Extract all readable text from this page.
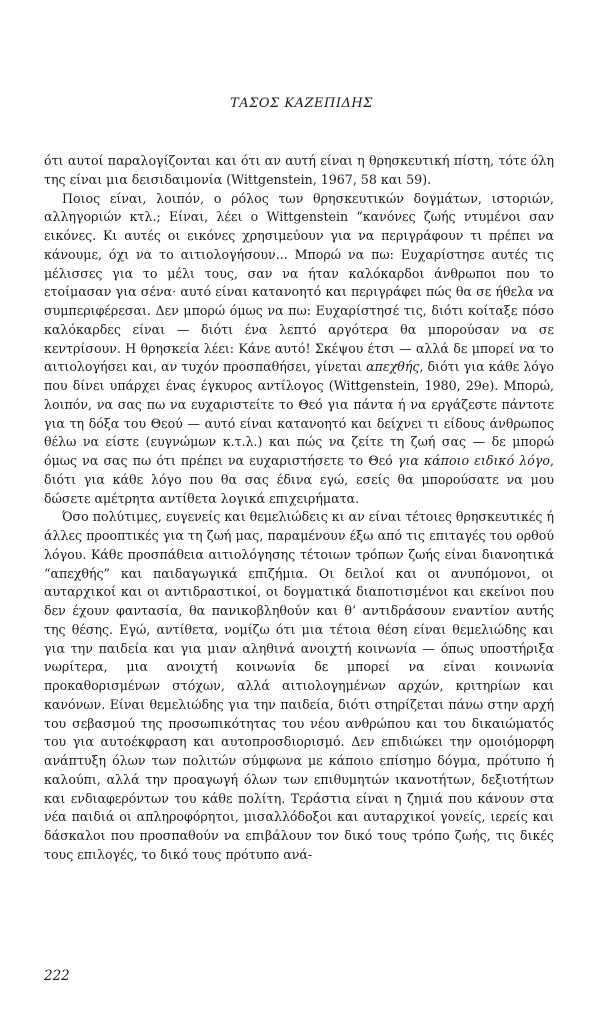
ΤΑΣΟΣ ΚΑΖΕΠΙΔΗΣ

ότι αυτοί παραλογίζονται και ότι αν αυτή είναι η θρησκευτική πίστη, τότε όλη της είναι μια δεισιδαιμονία (Wittgenstein, 1967, 58 και 59).

Ποιος είναι, λοιπόν, ο ρόλος των θρησκευτικών δογμάτων, ιστοριών, αλληγοριών κτλ.; Είναι, λέει ο Wittgenstein “κανόνες ζωής ντυμένοι σαν εικόνες. Κι αυτές οι εικόνες χρησιμεύουν για να περιγράφουν τι πρέπει να κάνουμε, όχι να το αιτιολογήσουν... Μπορώ να πω: Ευχαρίστησε αυτές τις μέλισσες για το μέλι τους, σαν να ήταν καλόκαρδοι άνθρωποι που το ετοίμασαν για σένα· αυτό είναι κατανοητό και περιγράφει πώς θα σε ήθελα να συμπεριφέρεσαι. Δεν μπορώ όμως να πω: Ευχαρίστησέ τις, διότι κοίταξε πόσο καλόκαρδες είναι — διότι ένα λεπτό αργότερα θα μπορούσαν να σε κεντρίσουν. Η θρησκεία λέει: Κάνε αυτό! Σκέψου έτσι — αλλά δε μπορεί να το αιτιολογήσει και, αν τυχόν προσπαθήσει, γίνεται απεχθής, διότι για κάθε λόγο που δίνει υπάρχει ένας έγκυρος αντίλογος (Wittgenstein, 1980, 29e). Μπορώ, λοιπόν, να σας πω να ευχαριστείτε το Θεό για πάντα ή να εργάζεστε πάντοτε για τη δόξα του Θεού — αυτό είναι κατανοητό και δείχνει τι είδους άνθρωπος θέλω να είστε (ευγνώμων κ.τ.λ.) και πώς να ζείτε τη ζωή σας — δε μπορώ όμως να σας πω ότι πρέπει να ευχαριστήσετε το Θεό για κάποιο ειδικό λόγο, διότι για κάθε λόγο που θα σας έδινα εγώ, εσείς θα μπορούσατε να μου δώσετε αμέτρητα αντίθετα λογικά επιχειρήματα.

Όσο πολύτιμες, ευγενείς και θεμελιώδεις κι αν είναι τέτοιες θρησκευτικές ή άλλες προοπτικές για τη ζωή μας, παραμένουν έξω από τις επιταγές του ορθού λόγου. Κάθε προσπάθεια αιτιολόγησης τέτοιων τρόπων ζωής είναι διανοητικά “απεχθής” και παιδαγωγικά επιζήμια. Οι δειλοί και οι ανυπόμονοι, οι αυταρχικοί και οι αντιδραστικοί, οι δογματικά διαποτισμένοι και εκείνοι που δεν έχουν φαντασία, θα πανικοβληθούν και θ’ αντιδράσουν εναντίον αυτής της θέσης. Εγώ, αντίθετα, νομίζω ότι μια τέτοια θέση είναι θεμελιώδης και για την παιδεία και για μιαν αληθινά ανοιχτή κοινωνία — όπως υποστήριξα νωρίτερα, μια ανοιχτή κοινωνία δε μπορεί να είναι κοινωνία προκαθορισμένων στόχων, αλλά αιτιολογημένων αρχών, κριτηρίων και κανόνων. Είναι θεμελιώδης για την παιδεία, διότι στηρίζεται πάνω στην αρχή του σεβασμού της προσωπικότητας του νέου ανθρώπου και του δικαιώματός του για αυτοέκφραση και αυτοπροσδιορισμό. Δεν επιδιώκει την ομοιόμορφη ανάπτυξη όλων των πολιτών σύμφωνα με κάποιο επίσημο δόγμα, πρότυπο ή καλούπι, αλλά την προαγωγή όλων των επιθυμητών ικανοτήτων, δεξιοτήτων και ενδιαφερόντων του κάθε πολίτη. Τεράστια είναι η ζημιά που κάνουν στα νέα παιδιά οι απληροφόρητοι, μισαλλόδοξοι και αυταρχικοί γονείς, ιερείς και δάσκαλοι που προσπαθούν να επιβάλουν τον δικό τους τρόπο ζωής, τις δικές τους επιλογές, το δικό τους πρότυπο ανά-

222
